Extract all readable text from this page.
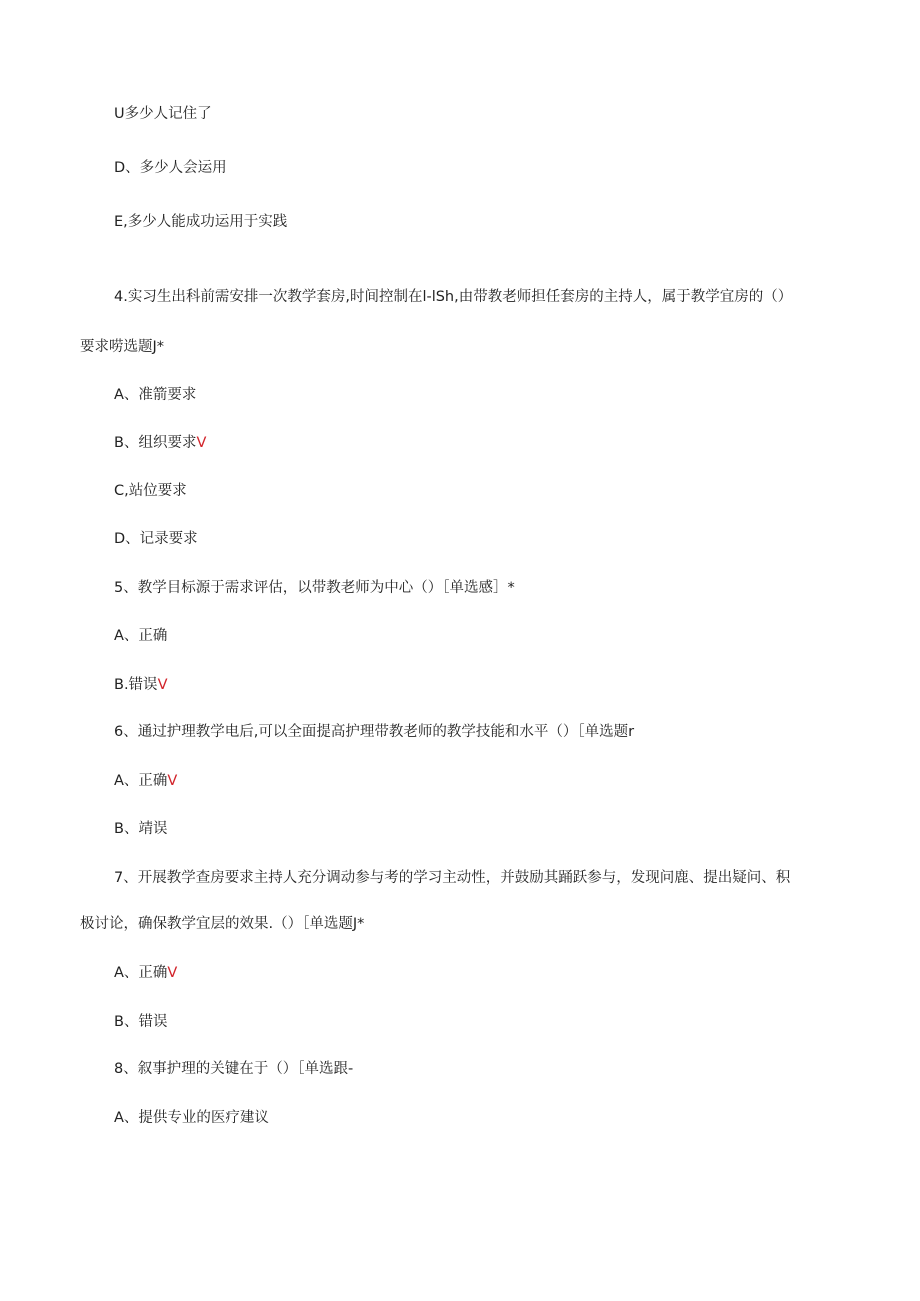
U多少人记住了
D、多少人会运用
E,多少人能成功运用于实践
4.实习生出科前需安排一次教学套房,时间控制在l-lSh,由带教老师担任套房的主持人，属于教学宜房的（）
要求唠选题J*
A、准箭要求
B、组织要求V
C,站位要求
D、记录要求
5、教学目标源于需求评估，以带教老师为中心（）［单选感］*
A、正确
B.错误V
6、通过护理教学电后,可以全面提高护理带教老师的教学技能和水平（）［单选题r
A、正确V
B、靖误
7、开展教学查房要求主持人充分调动参与考的学习主动性，并鼓励其踊跃参与，发现问鹿、提出疑问、积
极讨论，确保教学宜层的效果.（）［单选题J*
A、正确V
B、错误
8、叙事护理的关键在于（）［单选跟-
A、提供专业的医疗建议
